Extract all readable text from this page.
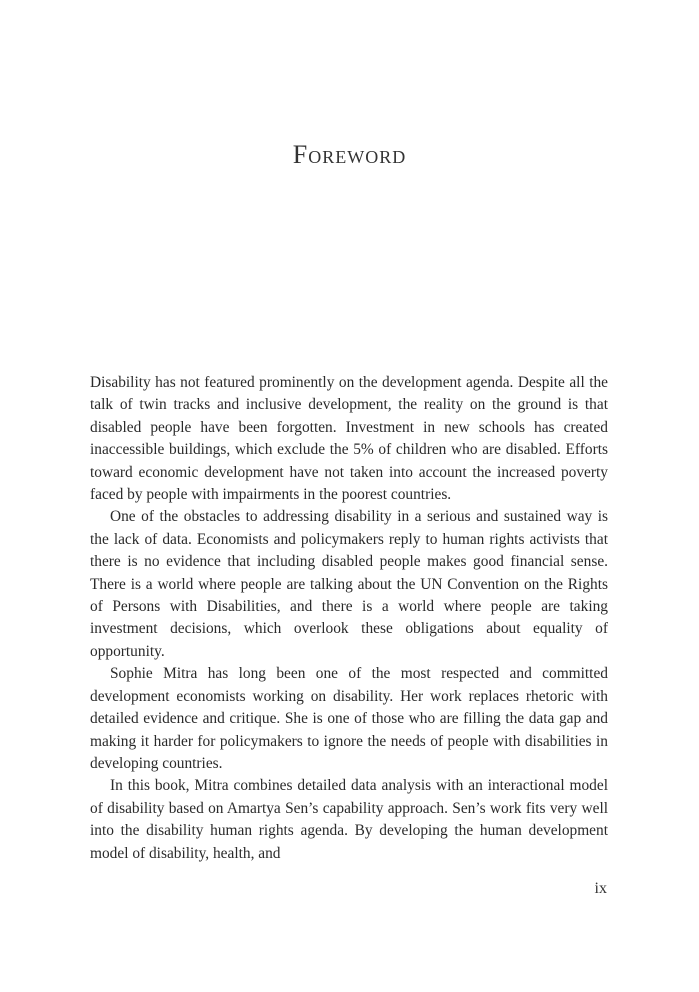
Foreword

Disability has not featured prominently on the development agenda. Despite all the talk of twin tracks and inclusive development, the reality on the ground is that disabled people have been forgotten. Investment in new schools has created inaccessible buildings, which exclude the 5% of children who are disabled. Efforts toward economic development have not taken into account the increased poverty faced by people with impairments in the poorest countries.

One of the obstacles to addressing disability in a serious and sustained way is the lack of data. Economists and policymakers reply to human rights activists that there is no evidence that including disabled people makes good financial sense. There is a world where people are talking about the UN Convention on the Rights of Persons with Disabilities, and there is a world where people are taking investment decisions, which overlook these obligations about equality of opportunity.

Sophie Mitra has long been one of the most respected and committed development economists working on disability. Her work replaces rhetoric with detailed evidence and critique. She is one of those who are filling the data gap and making it harder for policymakers to ignore the needs of people with disabilities in developing countries.

In this book, Mitra combines detailed data analysis with an interactional model of disability based on Amartya Sen’s capability approach. Sen’s work fits very well into the disability human rights agenda. By developing the human development model of disability, health, and

ix
